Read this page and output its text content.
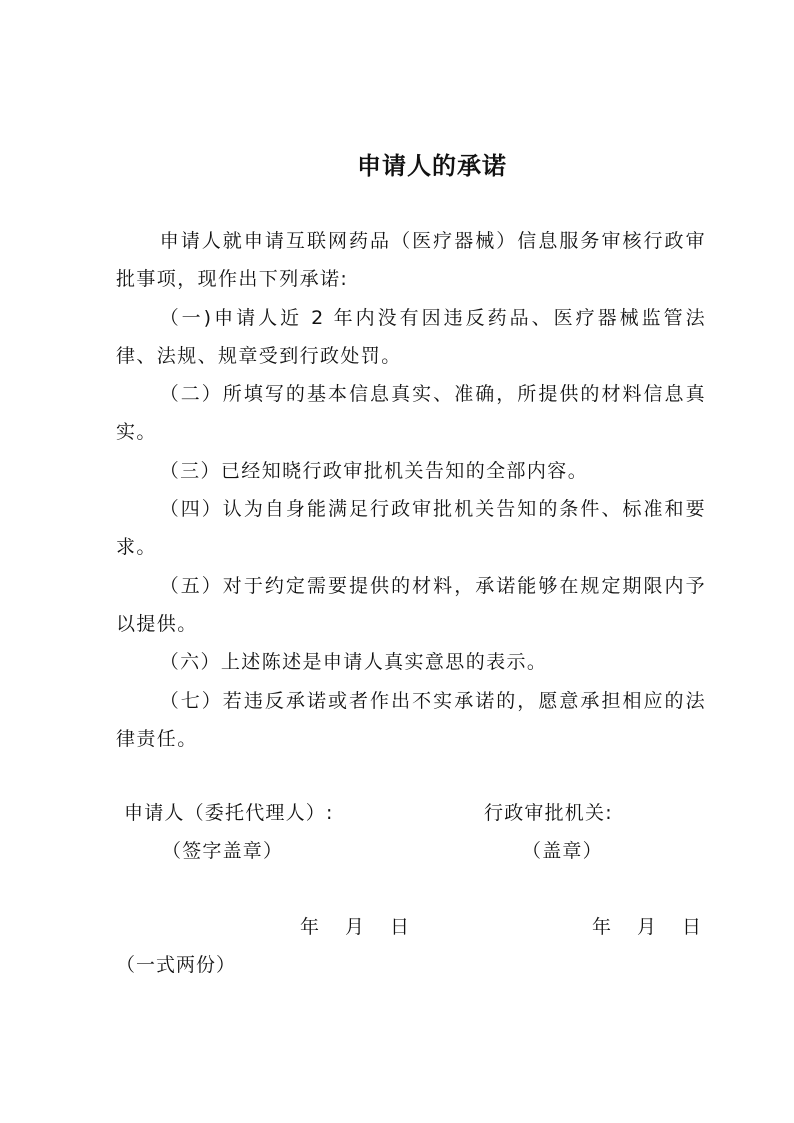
申请人的承诺

申请人就申请互联网药品（医疗器械）信息服务审核行政审批事项，现作出下列承诺:

（一)申请人近 2 年内没有因违反药品、医疗器械监管法律、法规、规章受到行政处罚。

（二）所填写的基本信息真实、准确，所提供的材料信息真实。

（三）已经知晓行政审批机关告知的全部内容。

（四）认为自身能满足行政审批机关告知的条件、标准和要求。

（五）对于约定需要提供的材料，承诺能够在规定期限内予以提供。

（六）上述陈述是申请人真实意思的表示。

（七）若违反承诺或者作出不实承诺的，愿意承担相应的法律责任。

申请人（委托代理人）:
（签字盖章）
行政审批机关:
（盖章）
年 月 日	年 月 日
（一式两份）
